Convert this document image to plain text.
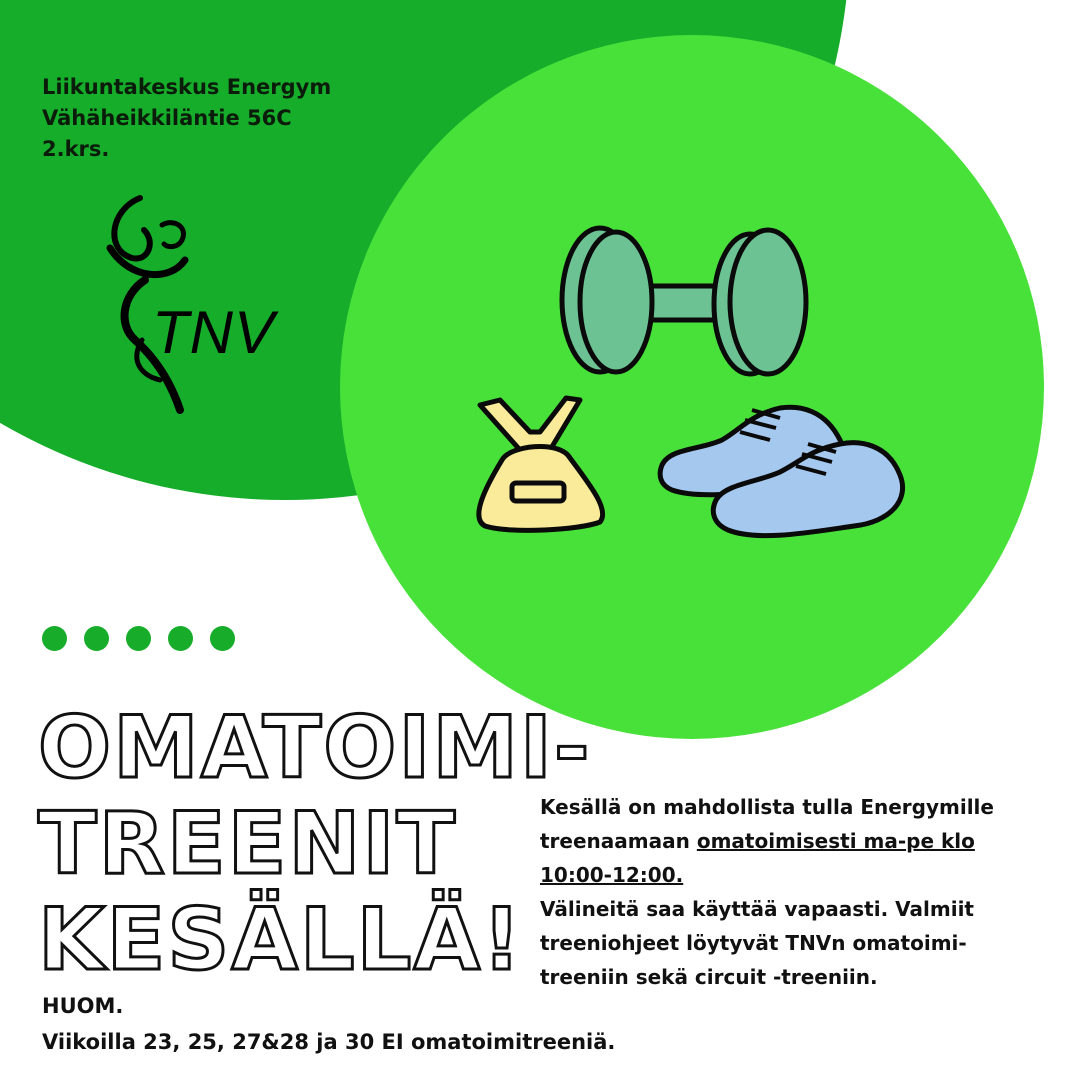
Liikuntakeskus Energym
Vähäheikkiläntie 56C
2.krs.
TNV
OMATOIMI-
TREENIT
KESÄLLÄ!
Kesällä on mahdollista tulla Energymille treenaamaan omatoimisesti ma-pe klo 10:00-12:00.
Välineitä saa käyttää vapaasti. Valmiit treeniohjeet löytyvät TNVn omatoimi-treeniin sekä circuit -treeniin.
HUOM.
Viikoilla 23, 25, 27&28 ja 30 EI omatoimitreeniä.
